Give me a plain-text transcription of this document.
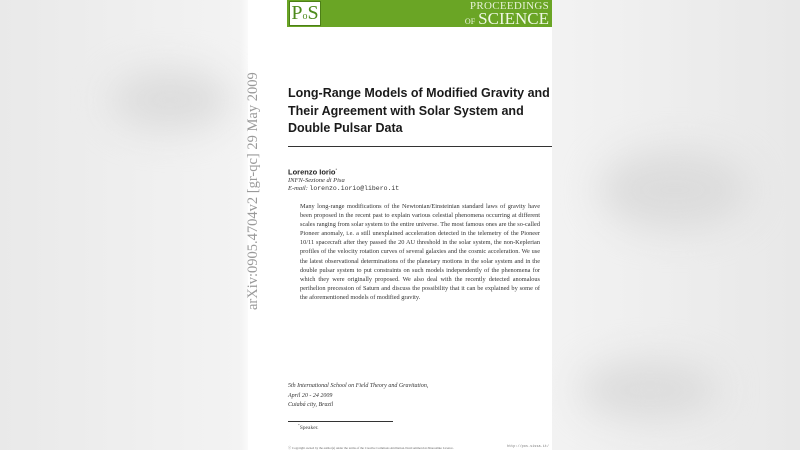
PoS	PROCEEDINGS
OF SCIENCE
arXiv:0905.4704v2 [gr-qc] 29 May 2009 Long-Range Models of Modified Gravity and Their Agreement with Solar System and Double Pulsar Data
Lorenzo Iorio*
INFN-Sezione di Pisa
E-mail: lorenzo.iorio@libero.it
Many long-range modifications of the Newtonian/Einsteinian standard laws of gravity have been proposed in the recent past to explain various celestial phenomena occurring at different scales ranging from solar system to the entire universe. The most famous ones are the so-called Pioneer anomaly, i.e. a still unexplained acceleration detected in the telemetry of the Pioneer 10/11 spacecraft after they passed the 20 AU threshold in the solar system, the non-Keplerian profiles of the velocity rotation curves of several galaxies and the cosmic acceleration. We use the latest observational determinations of the planetary motions in the solar system and in the double pulsar system to put constraints on such models independently of the phenomena for which they were originally proposed. We also deal with the recently detected anomalous perihelion precession of Saturn and discuss the possibility that it can be explained by some of the aforementioned models of modified gravity.
5th International School on Field Theory and Gravitation,
April 20 - 24 2009
Cuiabá city, Brazil
*Speaker.
ⓒ Copyright owned by the author(s) under the terms of the Creative Commons Attribution-NonCommercial-ShareAlike Licence.	http://pos.sissa.it/
